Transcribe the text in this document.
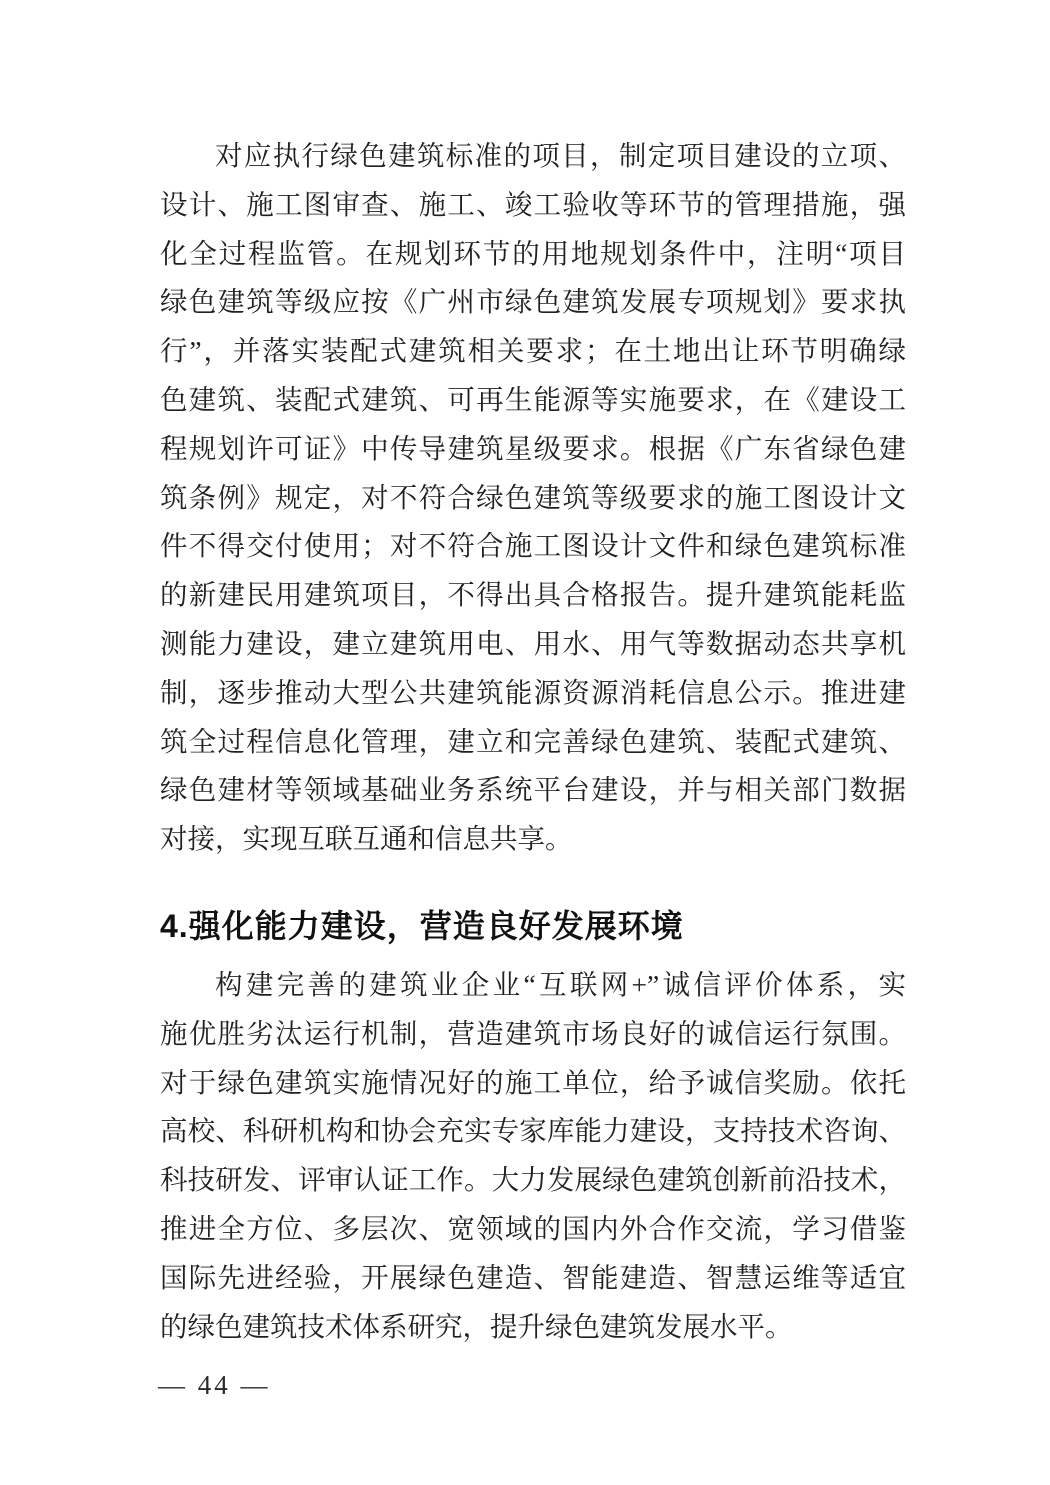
对应执行绿色建筑标准的项目，制定项目建设的立项、
设计、施工图审查、施工、竣工验收等环节的管理措施，强
化全过程监管。在规划环节的用地规划条件中，注明“项目
绿色建筑等级应按《广州市绿色建筑发展专项规划》要求执
行”，并落实装配式建筑相关要求；在土地出让环节明确绿
色建筑、装配式建筑、可再生能源等实施要求，在《建设工
程规划许可证》中传导建筑星级要求。根据《广东省绿色建
筑条例》规定，对不符合绿色建筑等级要求的施工图设计文
件不得交付使用；对不符合施工图设计文件和绿色建筑标准
的新建民用建筑项目，不得出具合格报告。提升建筑能耗监
测能力建设，建立建筑用电、用水、用气等数据动态共享机
制，逐步推动大型公共建筑能源资源消耗信息公示。推进建
筑全过程信息化管理，建立和完善绿色建筑、装配式建筑、
绿色建材等领域基础业务系统平台建设，并与相关部门数据
对接，实现互联互通和信息共享。
4.强化能力建设，营造良好发展环境
构建完善的建筑业企业“互联网+”诚信评价体系，实
施优胜劣汰运行机制，营造建筑市场良好的诚信运行氛围。
对于绿色建筑实施情况好的施工单位，给予诚信奖励。依托
高校、科研机构和协会充实专家库能力建设，支持技术咨询、
科技研发、评审认证工作。大力发展绿色建筑创新前沿技术，
推进全方位、多层次、宽领域的国内外合作交流，学习借鉴
国际先进经验，开展绿色建造、智能建造、智慧运维等适宜
的绿色建筑技术体系研究，提升绿色建筑发展水平。
— 44 —
